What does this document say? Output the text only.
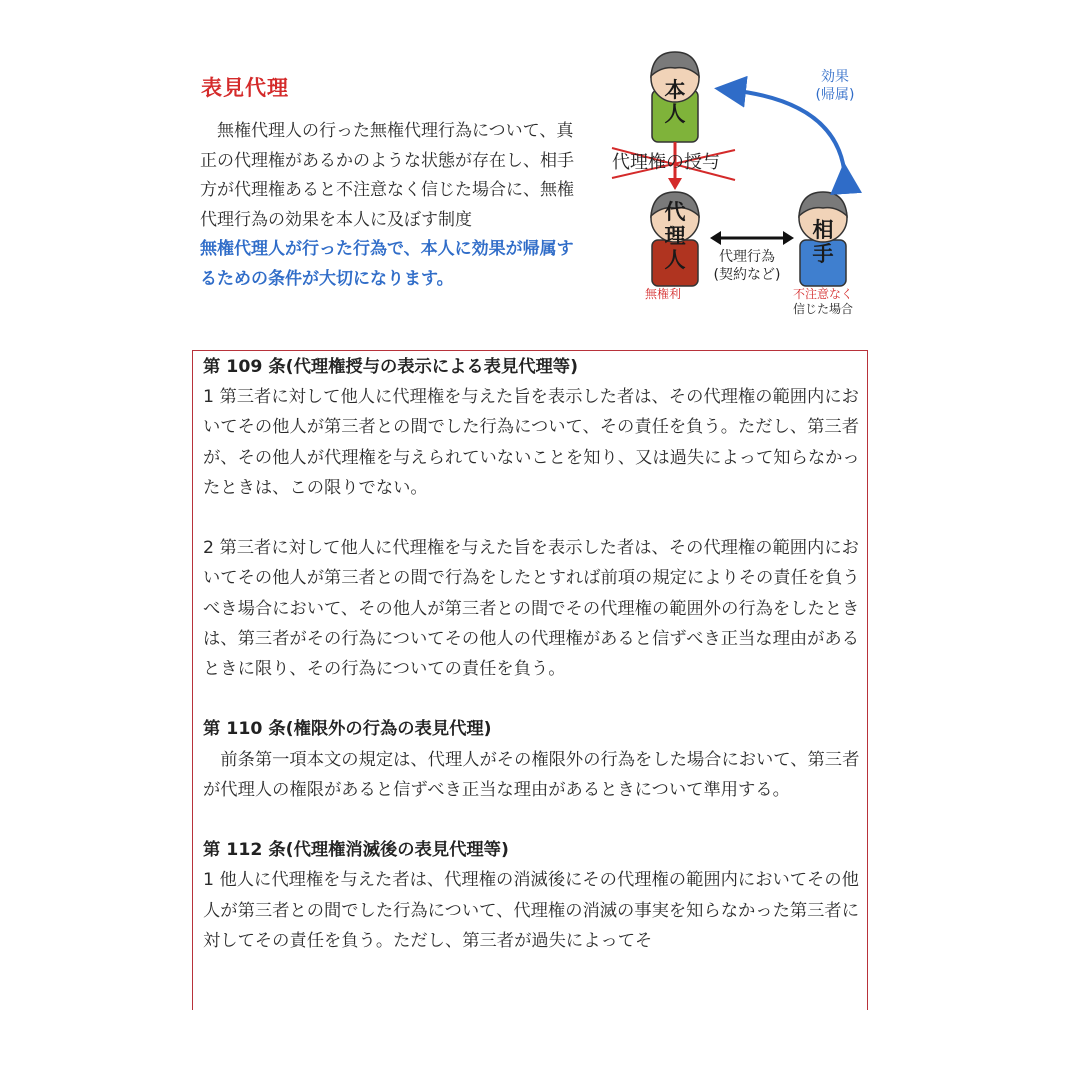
表見代理
無権代理人の行った無権代理行為について、真正の代理権があるかのような状態が存在し、相手方が代理権あると不注意なく信じた場合に、無権代理行為の効果を本人に及ぼす制度
無権代理人が行った行為で、本人に効果が帰属するための条件が大切になります。
本
人
代
理
人
相
手
効果
(帰属)
代理権の授与
代理行為
(契約など)
無権利	不注意なく
信じた場合

第 109 条(代理権授与の表示による表見代理等)

1 第三者に対して他人に代理権を与えた旨を表示した者は、その代理権の範囲内においてその他人が第三者との間でした行為について、その責任を負う。ただし、第三者が、その他人が代理権を与えられていないことを知り、又は過失によって知らなかったときは、この限りでない。

2 第三者に対して他人に代理権を与えた旨を表示した者は、その代理権の範囲内においてその他人が第三者との間で行為をしたとすれば前項の規定によりその責任を負うべき場合において、その他人が第三者との間でその代理権の範囲外の行為をしたときは、第三者がその行為についてその他人の代理権があると信ずべき正当な理由があるときに限り、その行為についての責任を負う。

第 110 条(権限外の行為の表見代理)

前条第一項本文の規定は、代理人がその権限外の行為をした場合において、第三者が代理人の権限があると信ずべき正当な理由があるときについて準用する。

第 112 条(代理権消滅後の表見代理等)

1 他人に代理権を与えた者は、代理権の消滅後にその代理権の範囲内においてその他人が第三者との間でした行為について、代理権の消滅の事実を知らなかった第三者に対してその責任を負う。ただし、第三者が過失によってそ
